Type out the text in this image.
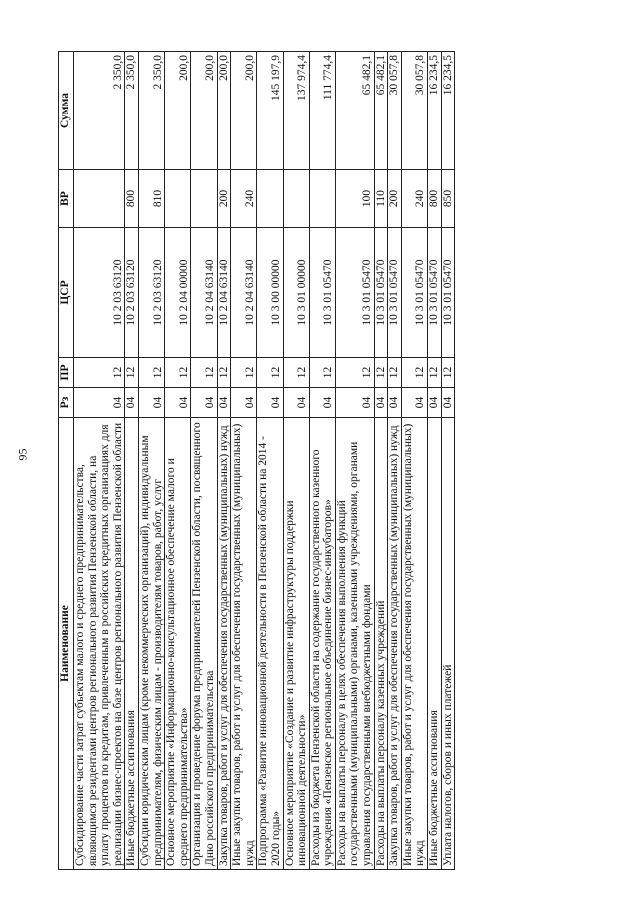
95
Наименование	Рз	ПР	ЦСР	ВР	Сумма
Субсидирование части затрат субъектам малого и среднего предпринимательства, являющимся резидентами центров регионального развития Пензенской области, на уплату процентов по кредитам, привлеченным в российских кредитных организациях для реализации бизнес-проектов на базе центров регионального развития Пензенской области	04	12	10 2 03 63120		2 350,0
Иные бюджетные ассигнования	04	12	10 2 03 63120	800	2 350,0
Субсидии юридическим лицам (кроме некоммерческих организаций), индивидуальным предпринимателям, физическим лицам - производителям товаров, работ, услуг	04	12	10 2 03 63120	810	2 350,0
Основное мероприятие «Информационно-консультационное обеспечение малого и среднего предпринимательства»	04	12	10 2 04 00000		200,0
Организация и проведение форума предпринимателей Пензенской области, посвященного Дню российского предпринимательства	04	12	10 2 04 63140		200,0
Закупка товаров, работ и услуг для обеспечения государственных (муниципальных) нужд	04	12	10 2 04 63140	200	200,0
Иные закупки товаров, работ и услуг для обеспечения государственных (муниципальных) нужд	04	12	10 2 04 63140	240	200,0
Подпрограмма «Развитие инновационной деятельности в Пензенской области на 2014 - 2020 годы»	04	12	10 3 00 00000		145 197,9
Основное мероприятие «Создание и развитие инфраструктуры поддержки инновационной деятельности»	04	12	10 3 01 00000		137 974,4
Расходы из бюджета Пензенской области на содержание государственного казенного учреждения «Пензенское региональное объединение бизнес-инкубаторов»	04	12	10 3 01 05470		111 774,4
Расходы на выплаты персоналу в целях обеспечения выполнения функций государственными (муниципальными) органами, казенными учреждениями, органами управления государственными внебюджетными фондами	04	12	10 3 01 05470	100	65 482,1
Расходы на выплаты персоналу казенных учреждений	04	12	10 3 01 05470	110	65 482,1
Закупка товаров, работ и услуг для обеспечения государственных (муниципальных) нужд	04	12	10 3 01 05470	200	30 057,8
Иные закупки товаров, работ и услуг для обеспечения государственных (муниципальных) нужд	04	12	10 3 01 05470	240	30 057,8
Иные бюджетные ассигнования	04	12	10 3 01 05470	800	16 234,5
Уплата налогов, сборов и иных платежей	04	12	10 3 01 05470	850	16 234,5
